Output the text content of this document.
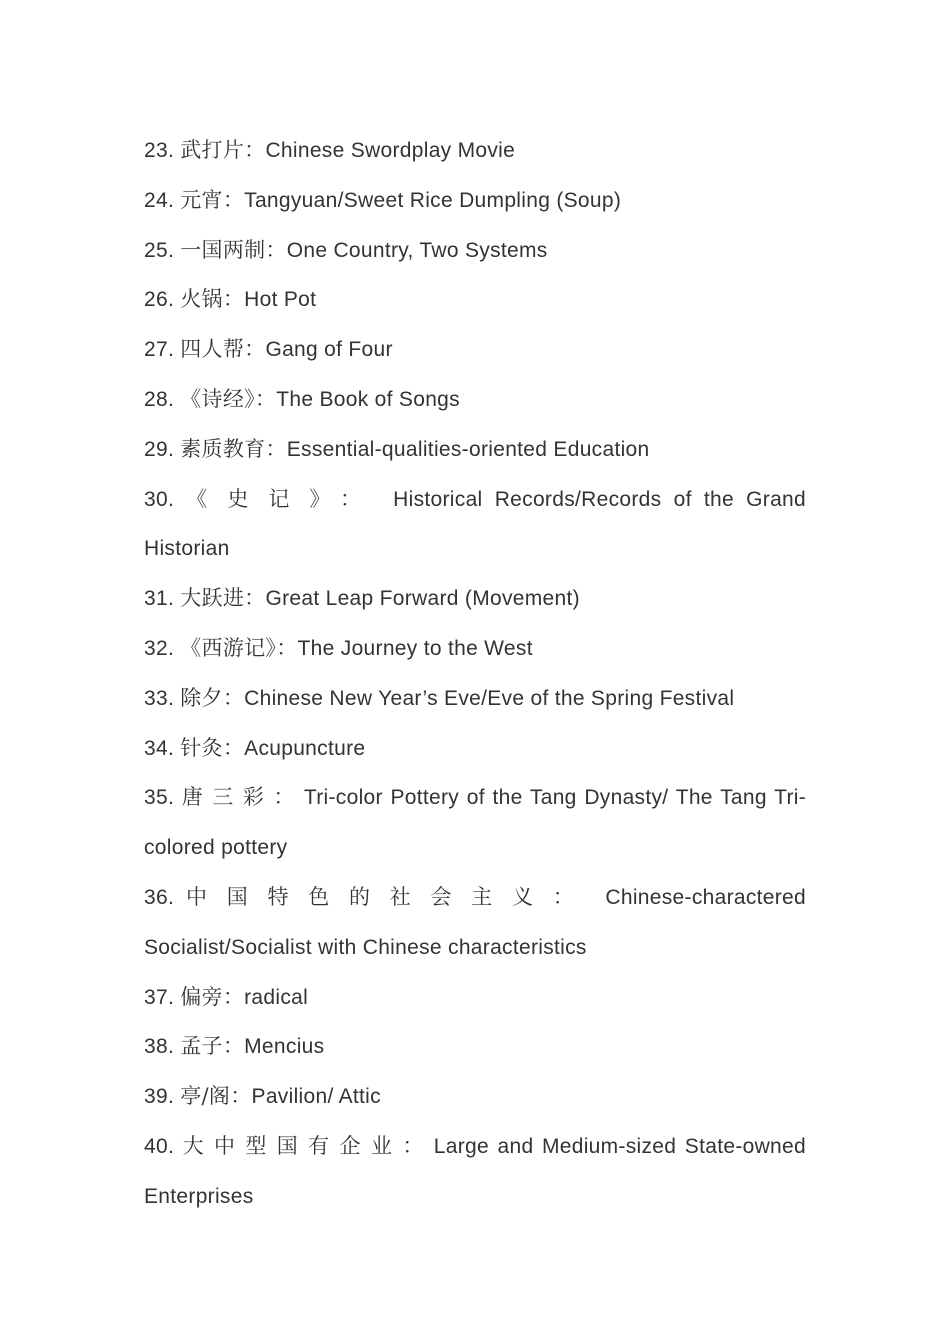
23. 武打片：Chinese Swordplay Movie

24. 元宵：Tangyuan/Sweet Rice Dumpling (Soup)

25. 一国两制：One Country, Two Systems

26. 火锅：Hot Pot

27. 四人帮：Gang of Four

28. 《诗经》：The Book of Songs

29. 素质教育：Essential-qualities-oriented Education

30. 《史记》： Historical Records/Records of the Grand Historian

31. 大跃进：Great Leap Forward (Movement)

32. 《西游记》：The Journey to the West

33. 除夕：Chinese New Year’s Eve/Eve of the Spring Festival

34. 针灸：Acupuncture

35. 唐三彩：Tri-color Pottery of the Tang Dynasty/ The Tang Tri-colored pottery

36. 中国特色的社会主义： Chinese-charactered Socialist/Socialist with Chinese characteristics

37. 偏旁：radical

38. 孟子：Mencius

39. 亭/阁：Pavilion/ Attic

40. 大中型国有企业：Large and Medium-sized State-owned Enterprises
